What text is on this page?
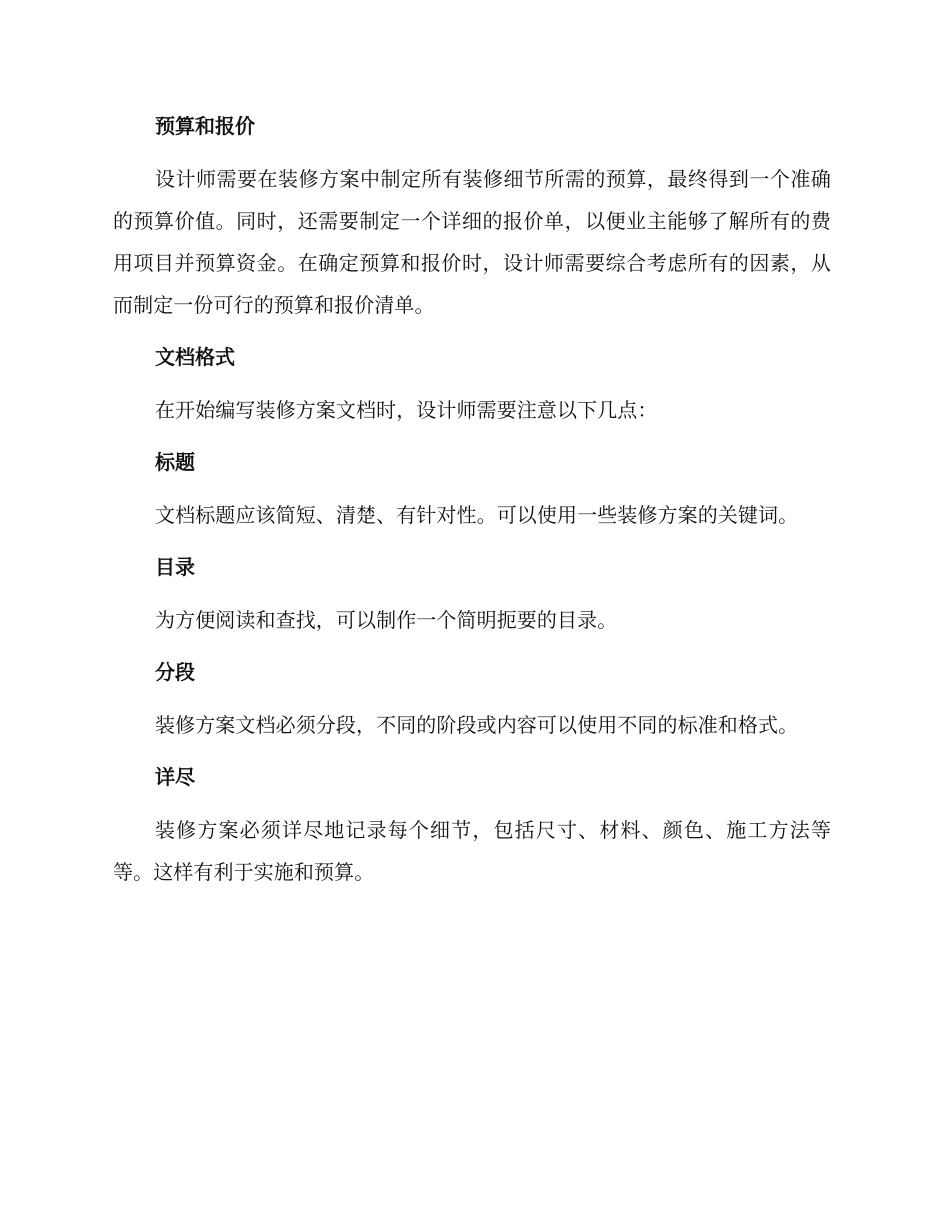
预算和报价

设计师需要在装修方案中制定所有装修细节所需的预算，最终得到一个准确的预算价值。同时，还需要制定一个详细的报价单，以便业主能够了解所有的费用项目并预算资金。在确定预算和报价时，设计师需要综合考虑所有的因素，从而制定一份可行的预算和报价清单。

文档格式

在开始编写装修方案文档时，设计师需要注意以下几点：

标题

文档标题应该简短、清楚、有针对性。可以使用一些装修方案的关键词。

目录

为方便阅读和查找，可以制作一个简明扼要的目录。

分段

装修方案文档必须分段，不同的阶段或内容可以使用不同的标准和格式。

详尽

装修方案必须详尽地记录每个细节，包括尺寸、材料、颜色、施工方法等等。这样有利于实施和预算。
